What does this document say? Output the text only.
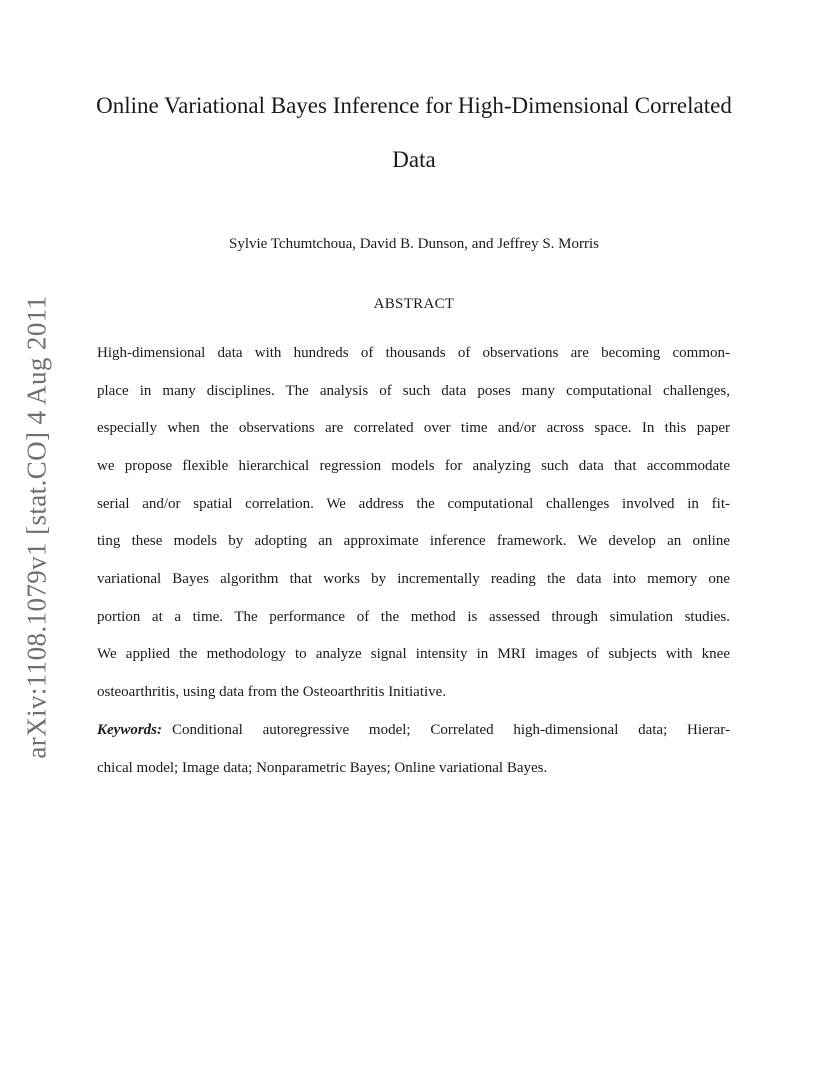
arXiv:1108.1079v1 [stat.CO] 4 Aug 2011
Online Variational Bayes Inference for High-Dimensional Correlated
Data
Sylvie Tchumtchoua, David B. Dunson, and Jeffrey S. Morris
ABSTRACT
High-dimensional data with hundreds of thousands of observations are becoming common-
place in many disciplines. The analysis of such data poses many computational challenges,
especially when the observations are correlated over time and/or across space. In this paper
we propose flexible hierarchical regression models for analyzing such data that accommodate
serial and/or spatial correlation. We address the computational challenges involved in fit-
ting these models by adopting an approximate inference framework. We develop an online
variational Bayes algorithm that works by incrementally reading the data into memory one
portion at a time. The performance of the method is assessed through simulation studies.
We applied the methodology to analyze signal intensity in MRI images of subjects with knee
osteoarthritis, using data from the Osteoarthritis Initiative.
Keywords: Conditional autoregressive model; Correlated high-dimensional data; Hierar-
chical model; Image data; Nonparametric Bayes; Online variational Bayes.
